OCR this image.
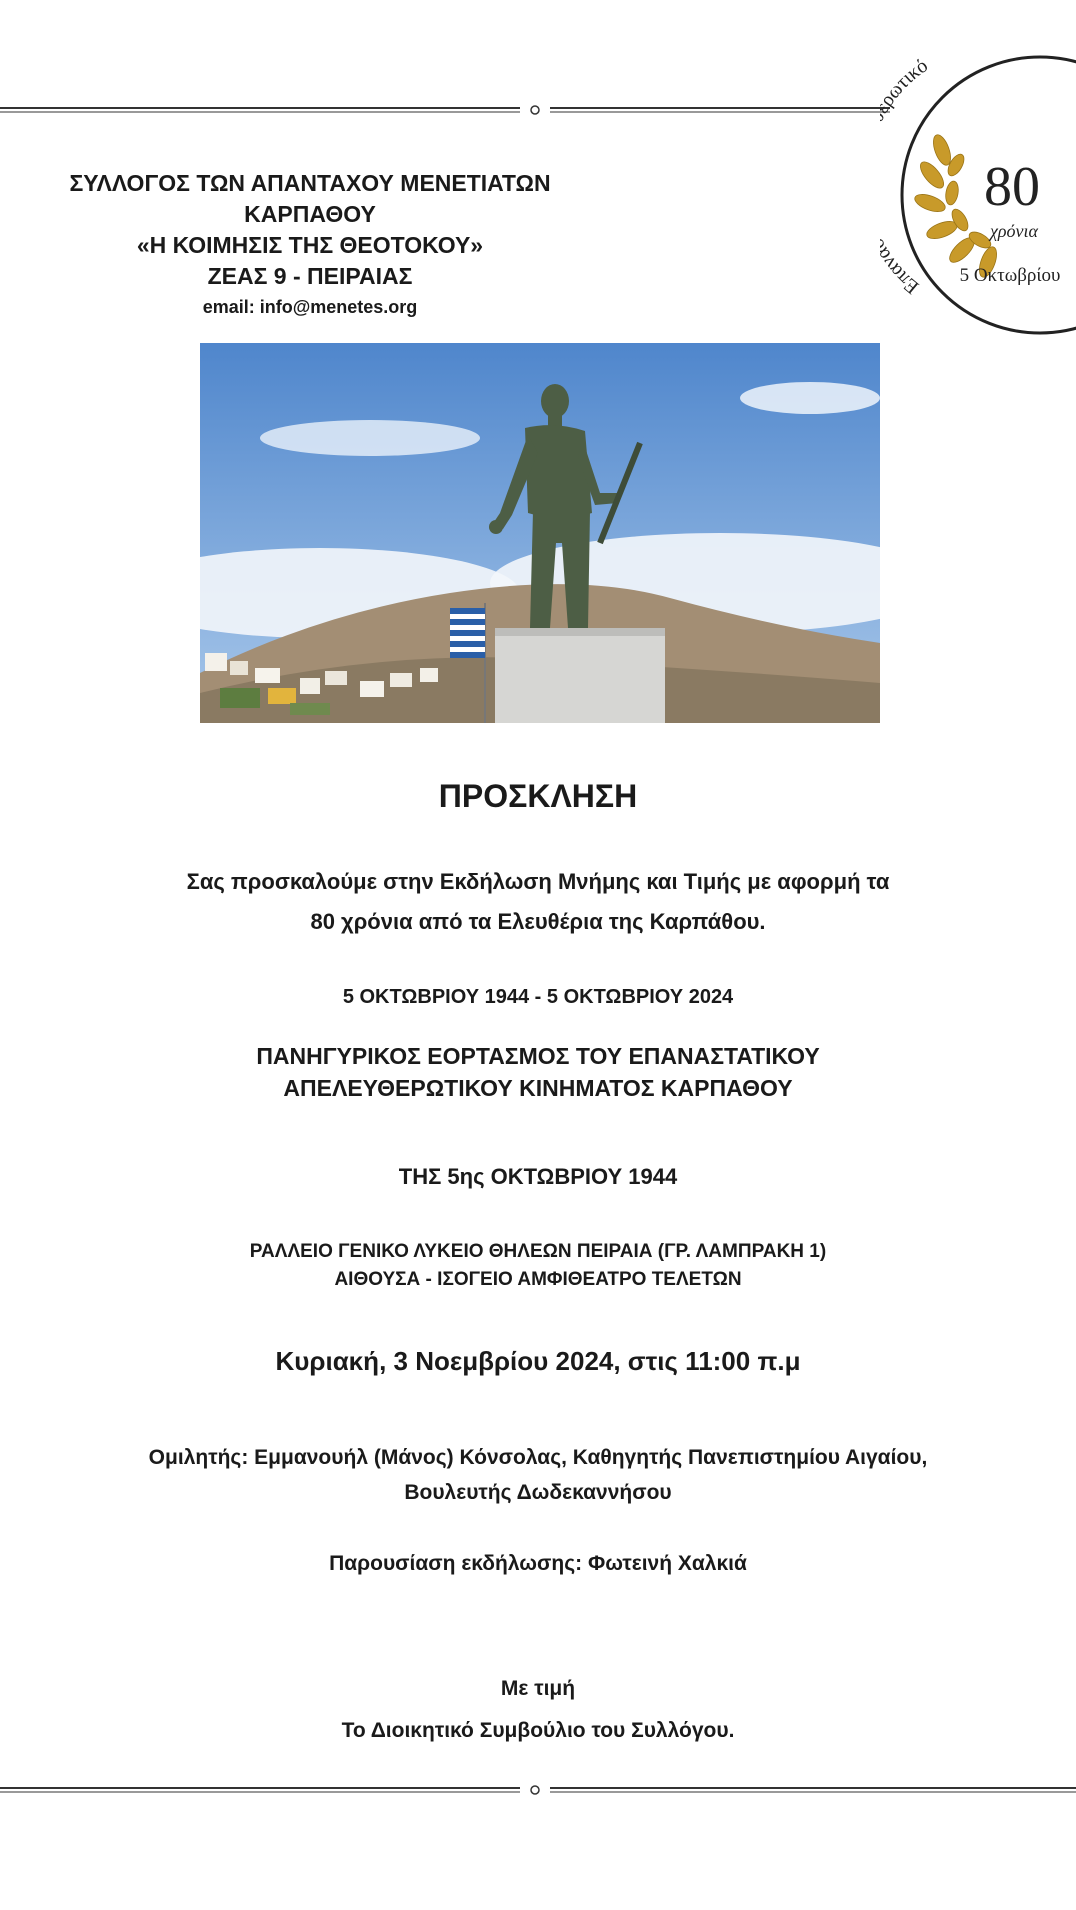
ΣΥΛΛΟΓΟΣ ΤΩΝ ΑΠΑΝΤΑΧΟΥ ΜΕΝΕΤΙΑΤΩΝ
ΚΑΡΠΑΘΟΥ
«Η ΚΟΙΜΗΣΙΣ ΤΗΣ ΘΕΟΤΟΚΟΥ»
ΖΕΑΣ 9 - ΠΕΙΡΑΙΑΣ
email: info@menetes.org
Επα ωτικό
80
χρόνια
5 Οκτωβρίου
ΠΡΟΣΚΛΗΣΗ
Σας προσκαλούμε στην Εκδήλωση Μνήμης και Τιμής με αφορμή τα
80 χρόνια από τα Ελευθέρια της Καρπάθου.
5 ΟΚΤΩΒΡΙΟΥ 1944 - 5 ΟΚΤΩΒΡΙΟΥ 2024
ΠΑΝΗΓΥΡΙΚΟΣ ΕΟΡΤΑΣΜΟΣ ΤΟΥ ΕΠΑΝΑΣΤΑΤΙΚΟΥ
ΑΠΕΛΕΥΘΕΡΩΤΙΚΟΥ ΚΙΝΗΜΑΤΟΣ ΚΑΡΠΑΘΟΥ
ΤΗΣ 5ης ΟΚΤΩΒΡΙΟΥ 1944
ΡΑΛΛΕΙΟ ΓΕΝΙΚΟ ΛΥΚΕΙΟ ΘΗΛΕΩΝ ΠΕΙΡΑΙΑ (ΓΡ. ΛΑΜΠΡΑΚΗ 1)
ΑΙΘΟΥΣΑ - ΙΣΟΓΕΙΟ ΑΜΦΙΘΕΑΤΡΟ ΤΕΛΕΤΩΝ
Κυριακή, 3 Νοεμβρίου 2024, στις 11:00 π.μ
Ομιλητής: Εμμανουήλ (Μάνος) Κόνσολας, Καθηγητής Πανεπιστημίου Αιγαίου,
Βουλευτής Δωδεκαννήσου
Παρουσίαση εκδήλωσης: Φωτεινή Χαλκιά
Με τιμή
Το Διοικητικό Συμβούλιο του Συλλόγου.
